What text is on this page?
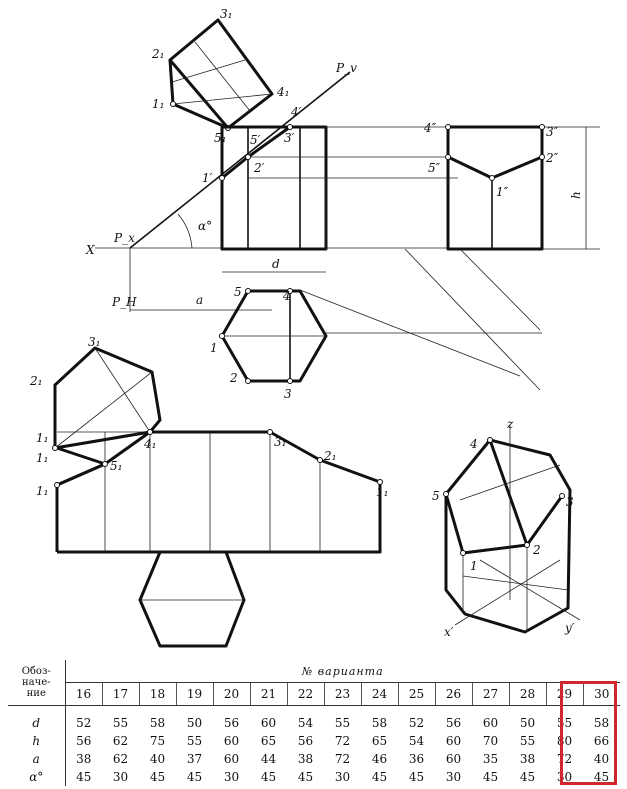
3₁
2₁
1₁
4₁
5₁
P_v
X
P_x
α°
4′
3′
5′
2′
1′
d
a
P_H
h
4″	3″
5″
2″
1″
5	4
1
2
3
3₁
2₁
1₁
1₁
1₁
5₁
4₁	3₁
2₁
1₁
z
4
5	3
1
2
x′	y′
Обоз-
наче-
ние	№ варианта														
	16	17	18	19	20	21	22	23	24	25	26	27	28	29	30
d	52	55	58	50	56	60	54	55	58	52	56	60	50	55	58
h	56	62	75	55	60	65	56	72	65	54	60	70	55	80	66
a	38	62	40	37	60	44	38	72	46	36	60	35	38	72	40
α°	45	30	45	45	30	45	45	30	45	45	30	45	45	30	45
